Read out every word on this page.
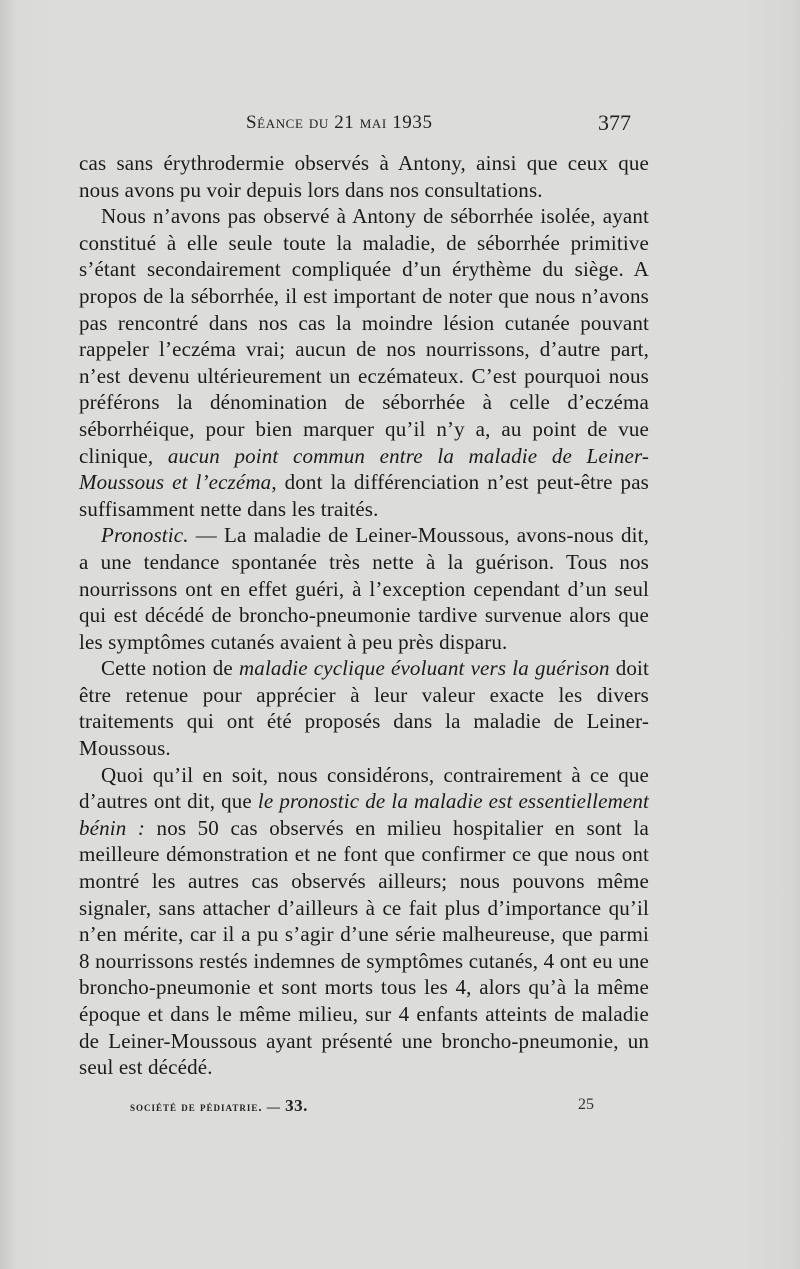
Séance du 21 mai 1935	377

cas sans érythrodermie observés à Antony, ainsi que ceux que nous avons pu voir depuis lors dans nos consultations.

Nous n’avons pas observé à Antony de séborrhée isolée, ayant constitué à elle seule toute la maladie, de séborrhée primitive s’étant secondairement compliquée d’un érythème du siège. A propos de la séborrhée, il est important de noter que nous n’avons pas rencontré dans nos cas la moindre lésion cutanée pouvant rappeler l’eczéma vrai; aucun de nos nourrissons, d’autre part, n’est devenu ultérieurement un eczémateux. C’est pourquoi nous préférons la dénomination de séborrhée à celle d’eczéma séborrhéique, pour bien marquer qu’il n’y a, au point de vue clinique, aucun point commun entre la maladie de Leiner-Moussous et l’eczéma, dont la différenciation n’est peut-être pas suffisamment nette dans les traités.

Pronostic. — La maladie de Leiner-Moussous, avons-nous dit, a une tendance spontanée très nette à la guérison. Tous nos nourrissons ont en effet guéri, à l’exception cependant d’un seul qui est décédé de broncho-pneumonie tardive survenue alors que les symptômes cutanés avaient à peu près disparu.

Cette notion de maladie cyclique évoluant vers la guérison doit être retenue pour apprécier à leur valeur exacte les divers traitements qui ont été proposés dans la maladie de Leiner-Moussous.

Quoi qu’il en soit, nous considérons, contrairement à ce que d’autres ont dit, que le pronostic de la maladie est essentiellement bénin : nos 50 cas observés en milieu hospitalier en sont la meilleure démonstration et ne font que confirmer ce que nous ont montré les autres cas observés ailleurs; nous pouvons même signaler, sans attacher d’ailleurs à ce fait plus d’importance qu’il n’en mérite, car il a pu s’agir d’une série malheureuse, que parmi 8 nourrissons restés indemnes de symptômes cutanés, 4 ont eu une broncho-pneumonie et sont morts tous les 4, alors qu’à la même époque et dans le même milieu, sur 4 enfants atteints de maladie de Leiner-Moussous ayant présenté une broncho-pneumonie, un seul est décédé.

société de pédiatrie. — 33.	25
